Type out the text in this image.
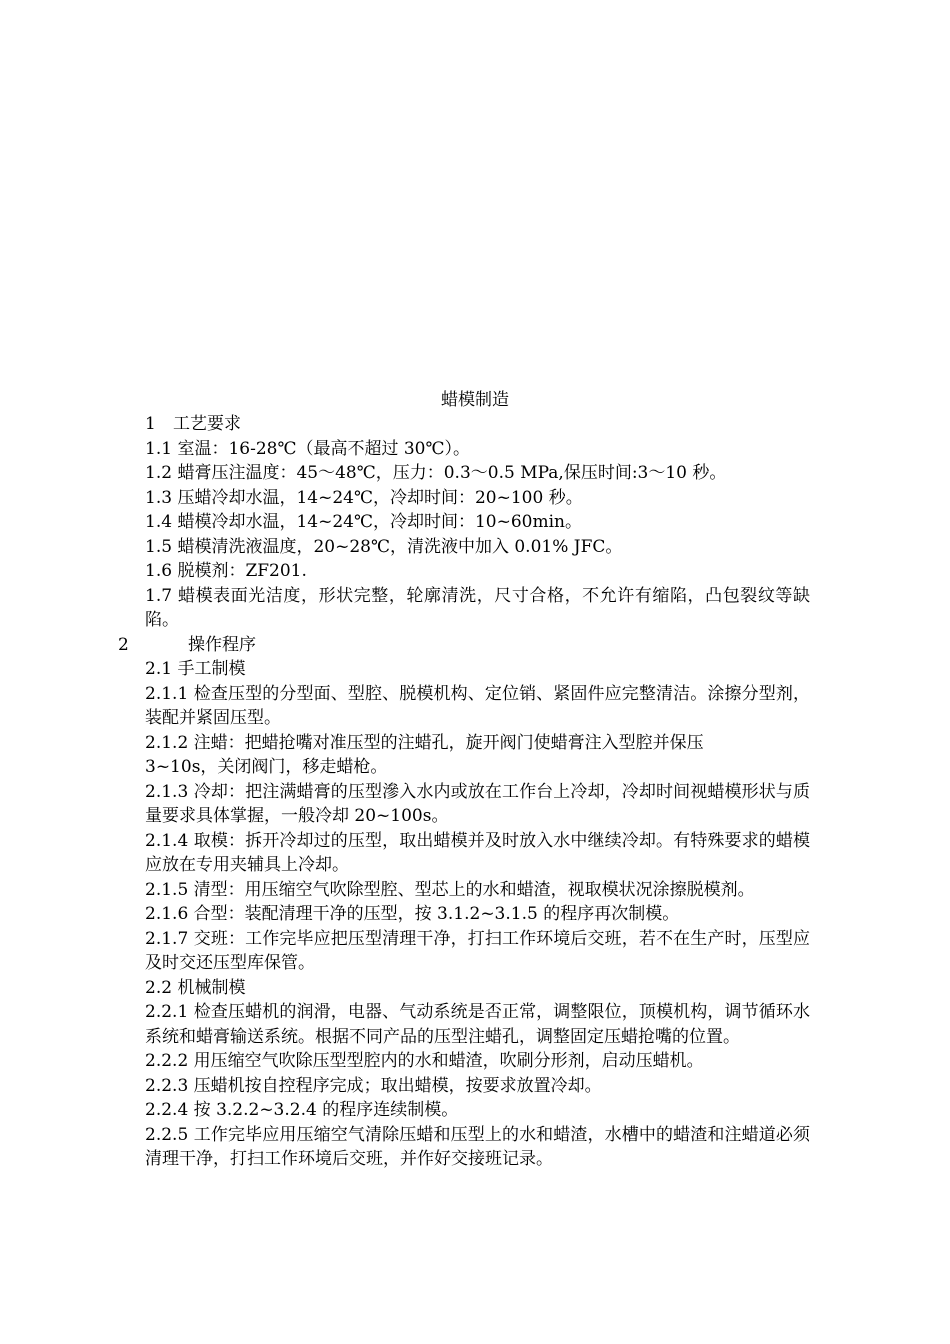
蜡模制造
1 工艺要求
1.1 室温：16-28℃（最高不超过 30℃）。
1.2 蜡膏压注温度：45～48℃，压力：0.3～0.5 MPa,保压时间:3～10 秒。
1.3 压蜡冷却水温，14~24℃，冷却时间：20~100 秒。
1.4 蜡模冷却水温，14~24℃，冷却时间：10~60min。
1.5 蜡模清洗液温度，20~28℃，清洗液中加入 0.01% JFC。
1.6 脱模剂：ZF201.
1.7 蜡模表面光洁度，形状完整，轮廓清洗，尺寸合格，不允许有缩陷，凸包裂纹等缺陷。
2	操作程序
2.1 手工制模
2.1.1 检查压型的分型面、型腔、脱模机构、定位销、紧固件应完整清洁。涂擦分型剂，装配并紧固压型。
2.1.2 注蜡：把蜡抢嘴对准压型的注蜡孔，旋开阀门使蜡膏注入型腔并保压
3~10s，关闭阀门，移走蜡枪。
2.1.3 冷却：把注满蜡膏的压型滲入水内或放在工作台上冷却，冷却时间视蜡模形状与质量要求具体掌握，一般冷却 20~100s。
2.1.4 取模：拆开冷却过的压型，取出蜡模并及时放入水中继续冷却。有特殊要求的蜡模应放在专用夹辅具上冷却。
2.1.5 清型：用压缩空气吹除型腔、型芯上的水和蜡渣，视取模状况涂擦脱模剂。
2.1.6 合型：装配清理干净的压型，按 3.1.2~3.1.5 的程序再次制模。
2.1.7 交班：工作完毕应把压型清理干净，打扫工作环境后交班，若不在生产时，压型应及时交还压型库保管。
2.2 机械制模
2.2.1 检查压蜡机的润滑，电器、气动系统是否正常，调整限位，顶模机构，调节循环水系统和蜡膏输送系统。根据不同产品的压型注蜡孔，调整固定压蜡抢嘴的位置。
2.2.2 用压缩空气吹除压型型腔内的水和蜡渣，吹刷分形剂，启动压蜡机。
2.2.3 压蜡机按自控程序完成；取出蜡模，按要求放置冷却。
2.2.4 按 3.2.2~3.2.4 的程序连续制模。
2.2.5 工作完毕应用压缩空气清除压蜡和压型上的水和蜡渣，水槽中的蜡渣和注蜡道必须清理干净，打扫工作环境后交班，并作好交接班记录。
